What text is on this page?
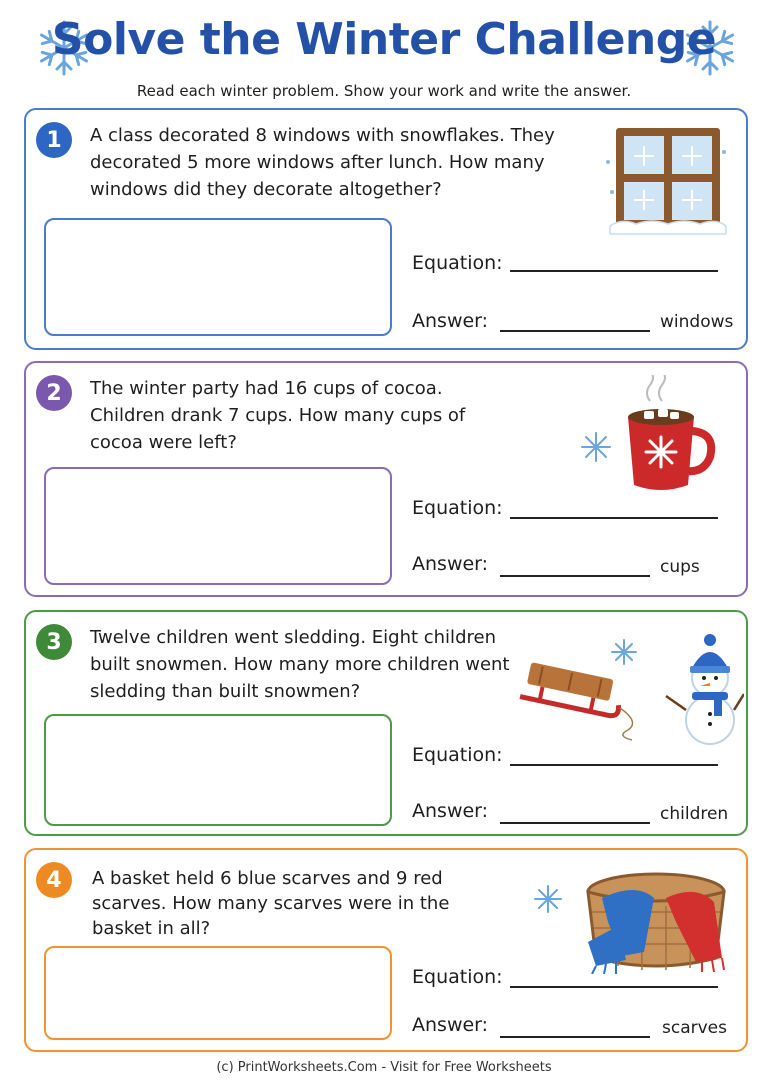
Solve the Winter Challenge
Read each winter problem. Show your work and write the answer.
1	A class decorated 8 windows with snowflakes. They decorated 5 more windows after lunch. How many windows did they decorate altogether?
Equation:
Answer:	windows
2	The winter party had 16 cups of cocoa. Children drank 7 cups. How many cups of cocoa were left?
Equation:
Answer:	cups
3	Twelve children went sledding. Eight children built snowmen. How many more children went sledding than built snowmen?
Equation:
Answer:	children
4	A basket held 6 blue scarves and 9 red scarves. How many scarves were in the basket in all?
Equation:
Answer:	scarves
(c) PrintWorksheets.Com - Visit for Free Worksheets
